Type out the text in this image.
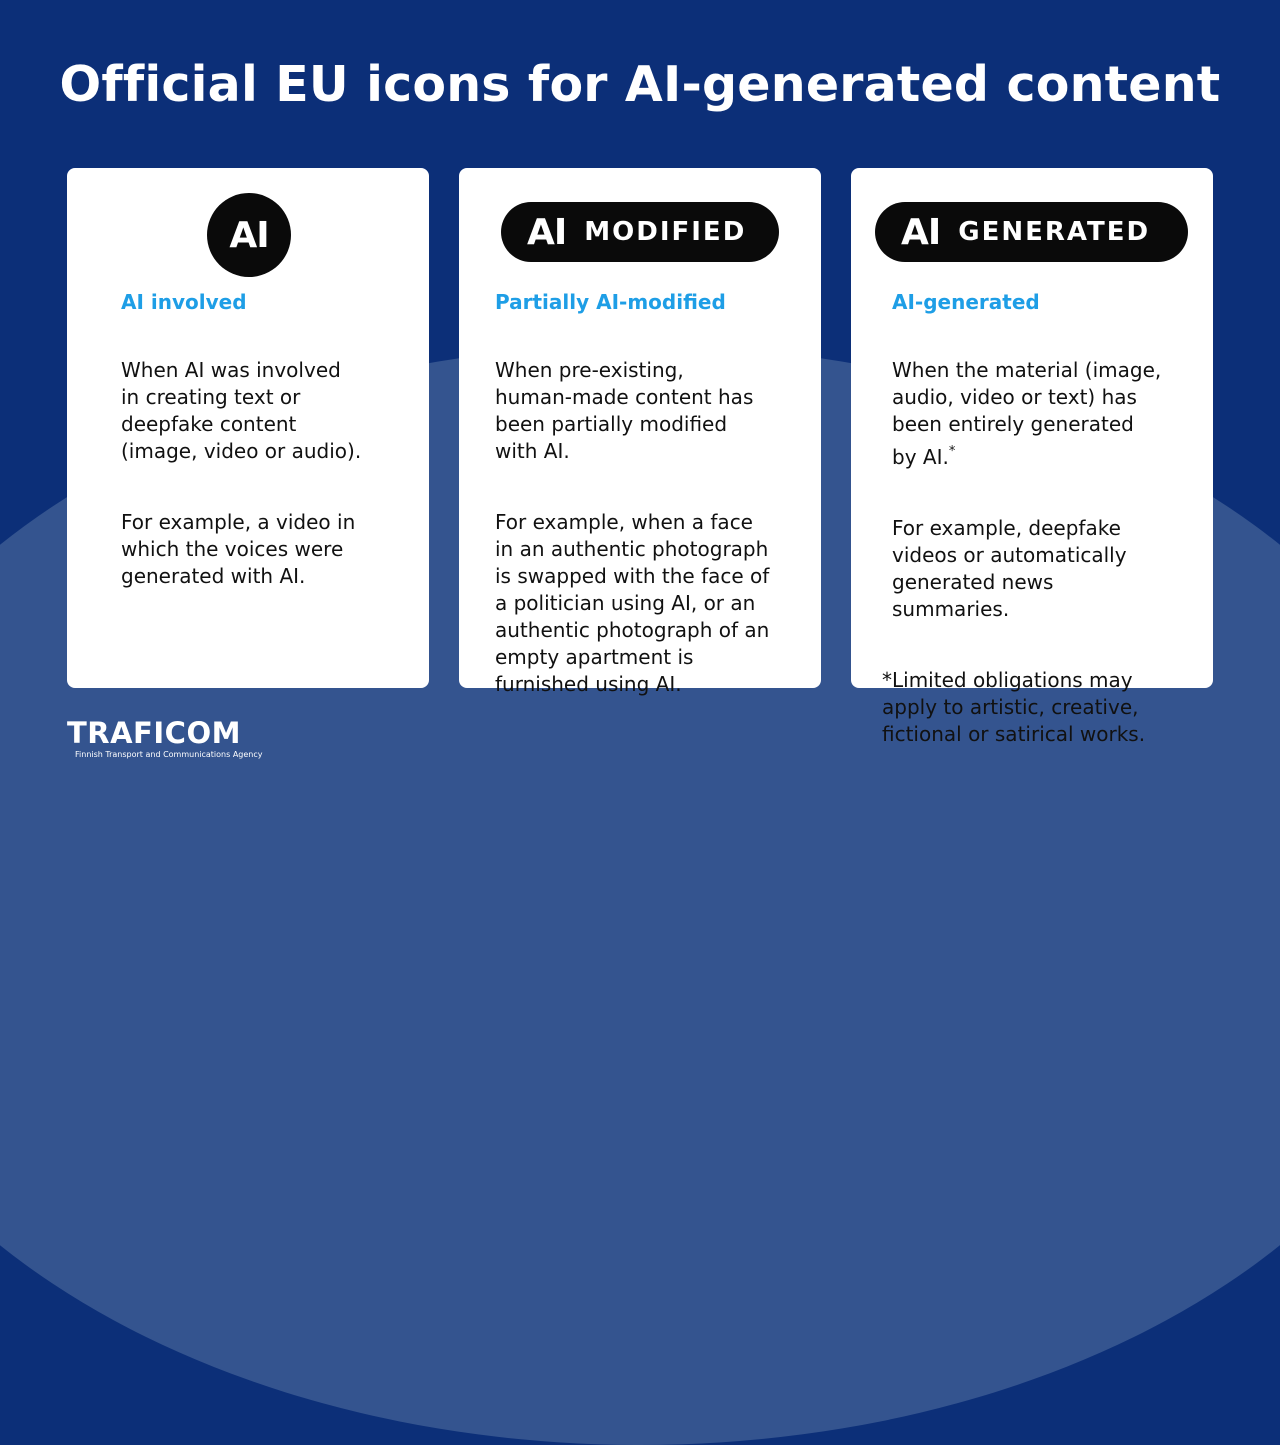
Official EU icons for AI-generated content
AI
AI involved

When AI was involved
in creating text or
deepfake content
(image, video or audio).

For example, a video in
which the voices were
generated with AI.

AI MODIFIED
Partially AI-modified

When pre-existing,
human-made content has
been partially modified
with AI.

For example, when a face
in an authentic photograph
is swapped with the face of
a politician using AI, or an
authentic photograph of an
empty apartment is
furnished using AI.

AI GENERATED
AI-generated

When the material (image,
audio, video or text) has
been entirely generated
by AI.*

For example, deepfake
videos or automatically
generated news
summaries.

*Limited obligations may
apply to artistic, creative,
fictional or satirical works.

TRAFICOM
Finnish Transport and Communications Agency
